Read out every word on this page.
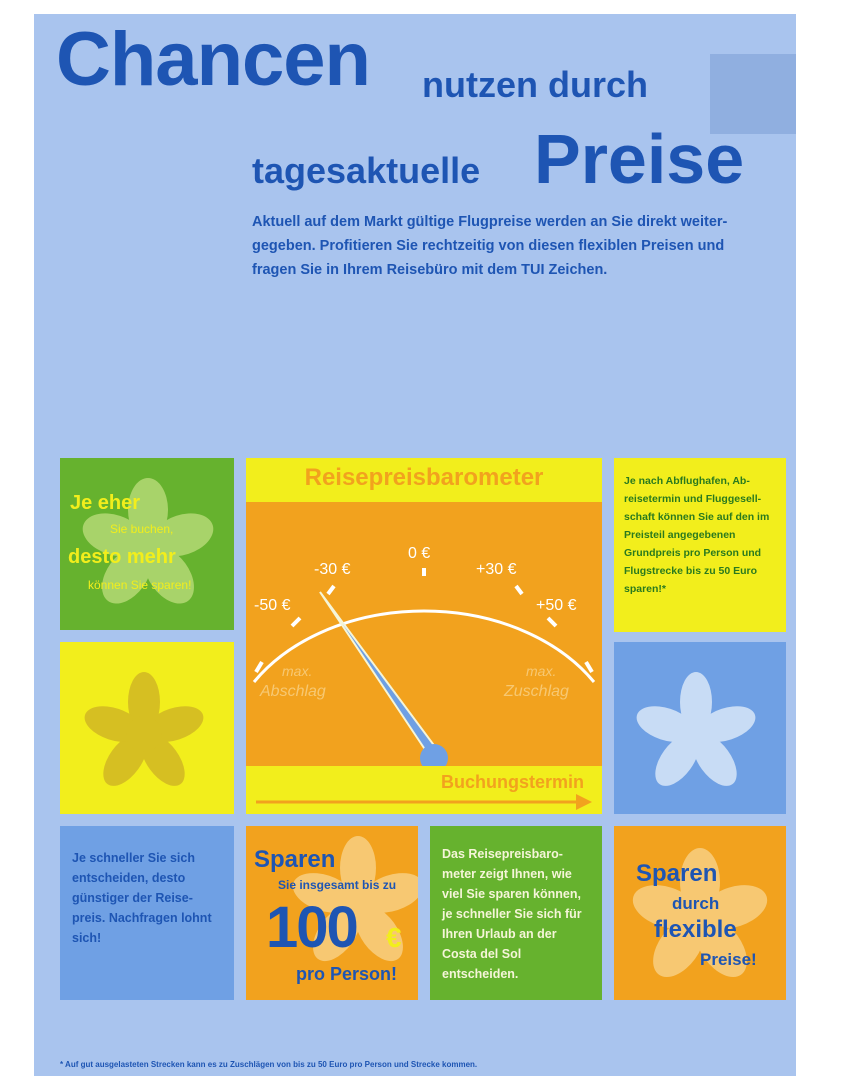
Chancen nutzen durch
tagesaktuelle Preise

Aktuell auf dem Markt gültige Flugpreise werden an Sie direkt weiter-gegeben. Profitieren Sie rechtzeitig von diesen flexiblen Preisen und fragen Sie in Ihrem Reisebüro mit dem TUI Zeichen.

Je eher
Sie buchen,
desto mehr
können Sie sparen!

Je schneller Sie sich entscheiden, desto günstiger der Reise-preis. Nachfragen lohnt sich!

Reisepreisbarometer
-50 €
-30 €
0 €
+30 €
+50 €
max.
Abschlag
max.
Zuschlag
Buchungstermin

Je nach Abflughafen, Ab-reisetermin und Fluggesell-schaft können Sie auf den im Preisteil angegebenen Grundpreis pro Person und Flugstrecke bis zu 50 Euro sparen!*

Sparen
Sie insgesamt bis zu
100 €
pro Person!

Das Reisepreisbaro-meter zeigt Ihnen, wie viel Sie sparen können, je schneller Sie sich für Ihren Urlaub an der Costa del Sol entscheiden.

Sparen
durch
flexible
Preise!
* Auf gut ausgelasteten Strecken kann es zu Zuschlägen von bis zu 50 Euro pro Person und Strecke kommen.
